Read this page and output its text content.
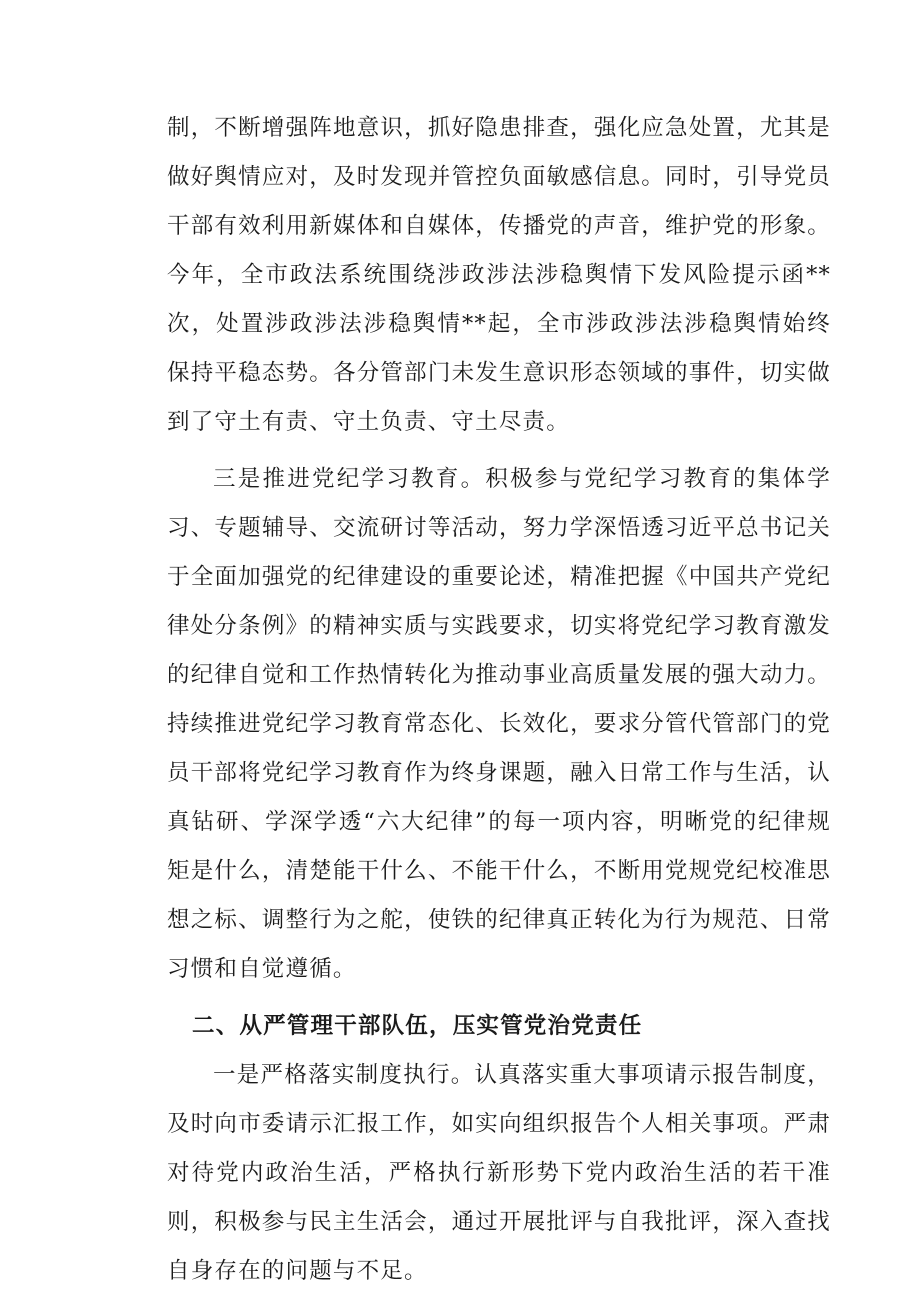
制，不断增强阵地意识，抓好隐患排查，强化应急处置，尤其是做好舆情应对，及时发现并管控负面敏感信息。同时，引导党员干部有效利用新媒体和自媒体，传播党的声音，维护党的形象。今年，全市政法系统围绕涉政涉法涉稳舆情下发风险提示函**次，处置涉政涉法涉稳舆情**起，全市涉政涉法涉稳舆情始终保持平稳态势。各分管部门未发生意识形态领域的事件，切实做到了守土有责、守土负责、守土尽责。

三是推进党纪学习教育。积极参与党纪学习教育的集体学习、专题辅导、交流研讨等活动，努力学深悟透习近平总书记关于全面加强党的纪律建设的重要论述，精准把握《中国共产党纪律处分条例》的精神实质与实践要求，切实将党纪学习教育激发的纪律自觉和工作热情转化为推动事业高质量发展的强大动力。持续推进党纪学习教育常态化、长效化，要求分管代管部门的党员干部将党纪学习教育作为终身课题，融入日常工作与生活，认真钻研、学深学透“六大纪律”的每一项内容，明晰党的纪律规矩是什么，清楚能干什么、不能干什么，不断用党规党纪校准思想之标、调整行为之舵，使铁的纪律真正转化为行为规范、日常习惯和自觉遵循。

二、从严管理干部队伍，压实管党治党责任

一是严格落实制度执行。认真落实重大事项请示报告制度，及时向市委请示汇报工作，如实向组织报告个人相关事项。严肃对待党内政治生活，严格执行新形势下党内政治生活的若干准则，积极参与民主生活会，通过开展批评与自我批评，深入查找自身存在的问题与不足。
